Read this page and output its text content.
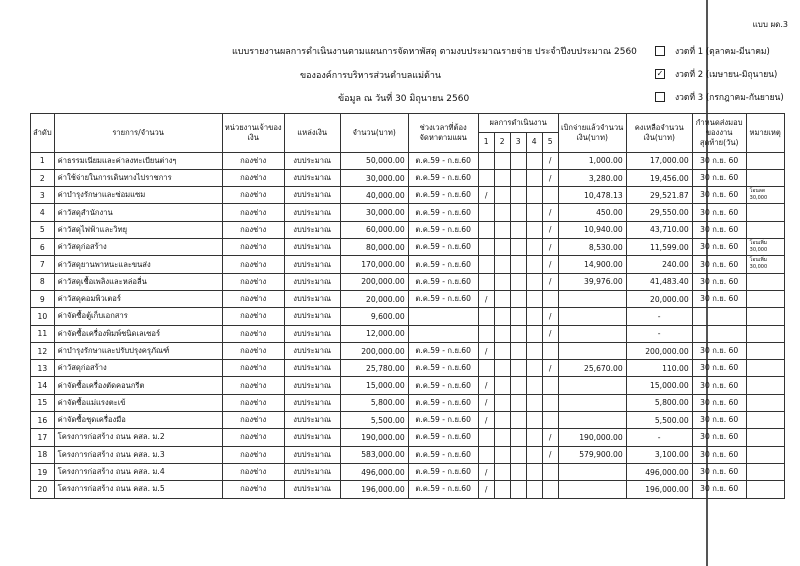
แบบ ผด.3
แบบรายงานผลการดำเนินงานตามแผนการจัดหาพัสดุ ตามงบประมาณรายจ่าย ประจำปีงบประมาณ 2560
ขององค์การบริหารส่วนตำบลแม่ต้าน
ข้อมูล ณ วันที่ 30 มิถุนายน 2560
งวดที่ 1 (ตุลาคม-มีนาคม)
✓ งวดที่ 2 (เมษายน-มิถุนายน)
งวดที่ 3 (กรกฎาคม-กันยายน)
ลำดับ	รายการ/จำนวน	หน่วยงานเจ้าของเงิน	แหล่งเงิน	จำนวน(บาท)	ช่วงเวลาที่ต้องจัดหาตามแผน	ผลการดำเนินงาน					เบิกจ่ายแล้วจำนวนเงิน(บาท)	คงเหลือจำนวนเงิน(บาท)	กำหนดส่งมอบของงานสุดท้าย(วัน)	หมายเหตุ
						1	2	3	4	5				
1	ค่าธรรมเนียมและค่าลงทะเบียนต่างๆ	กองช่าง	งบประมาณ	50,000.00	ต.ค.59 - ก.ย.60					/	1,000.00	17,000.00	30 ก.ย. 60	
2	ค่าใช้จ่ายในการเดินทางไปราชการ	กองช่าง	งบประมาณ	30,000.00	ต.ค.59 - ก.ย.60					/	3,280.00	19,456.00	30 ก.ย. 60	
3	ค่าบำรุงรักษาและซ่อมแซม	กองช่าง	งบประมาณ	40,000.00	ต.ค.59 - ก.ย.60	/					10,478.13	29,521.87	30 ก.ย. 60	โอนลด 30,000
4	ค่าวัสดุสำนักงาน	กองช่าง	งบประมาณ	30,000.00	ต.ค.59 - ก.ย.60					/	450.00	29,550.00	30 ก.ย. 60	
5	ค่าวัสดุไฟฟ้าและวิทยุ	กองช่าง	งบประมาณ	60,000.00	ต.ค.59 - ก.ย.60					/	10,940.00	43,710.00	30 ก.ย. 60	
6	ค่าวัสดุก่อสร้าง	กองช่าง	งบประมาณ	80,000.00	ต.ค.59 - ก.ย.60					/	8,530.00	11,599.00	30 ก.ย. 60	โอนเพิ่ม 30,000
7	ค่าวัสดุยานพาหนะและขนส่ง	กองช่าง	งบประมาณ	170,000.00	ต.ค.59 - ก.ย.60					/	14,900.00	240.00	30 ก.ย. 60	โอนเพิ่ม 30,000
8	ค่าวัสดุเชื้อเพลิงและหล่อลื่น	กองช่าง	งบประมาณ	200,000.00	ต.ค.59 - ก.ย.60					/	39,976.00	41,483.40	30 ก.ย. 60	
9	ค่าวัสดุคอมพิวเตอร์	กองช่าง	งบประมาณ	20,000.00	ต.ค.59 - ก.ย.60	/						20,000.00	30 ก.ย. 60	
10	ค่าจัดซื้อตู้เก็บเอกสาร	กองช่าง	งบประมาณ	9,600.00						/		-		
11	ค่าจัดซื้อเครื่องพิมพ์ชนิดเลเซอร์	กองช่าง	งบประมาณ	12,000.00						/		-		
12	ค่าบำรุงรักษาและปรับปรุงครุภัณฑ์	กองช่าง	งบประมาณ	200,000.00	ต.ค.59 - ก.ย.60	/						200,000.00	30 ก.ย. 60	
13	ค่าวัสดุก่อสร้าง	กองช่าง	งบประมาณ	25,780.00	ต.ค.59 - ก.ย.60					/	25,670.00	110.00	30 ก.ย. 60	
14	ค่าจัดซื้อเครื่องตัดคอนกรีต	กองช่าง	งบประมาณ	15,000.00	ต.ค.59 - ก.ย.60	/						15,000.00	30 ก.ย. 60	
15	ค่าจัดซื้อแม่แรงตะเข้	กองช่าง	งบประมาณ	5,800.00	ต.ค.59 - ก.ย.60	/						5,800.00	30 ก.ย. 60	
16	ค่าจัดซื้อชุดเครื่องมือ	กองช่าง	งบประมาณ	5,500.00	ต.ค.59 - ก.ย.60	/						5,500.00	30 ก.ย. 60	
17	โครงการก่อสร้าง ถนน คสล. ม.2	กองช่าง	งบประมาณ	190,000.00	ต.ค.59 - ก.ย.60					/	190,000.00	-	30 ก.ย. 60	
18	โครงการก่อสร้าง ถนน คสล. ม.3	กองช่าง	งบประมาณ	583,000.00	ต.ค.59 - ก.ย.60					/	579,900.00	3,100.00	30 ก.ย. 60	
19	โครงการก่อสร้าง ถนน คสล. ม.4	กองช่าง	งบประมาณ	496,000.00	ต.ค.59 - ก.ย.60	/						496,000.00	30 ก.ย. 60	
20	โครงการก่อสร้าง ถนน คสล. ม.5	กองช่าง	งบประมาณ	196,000.00	ต.ค.59 - ก.ย.60	/						196,000.00	30 ก.ย. 60	
